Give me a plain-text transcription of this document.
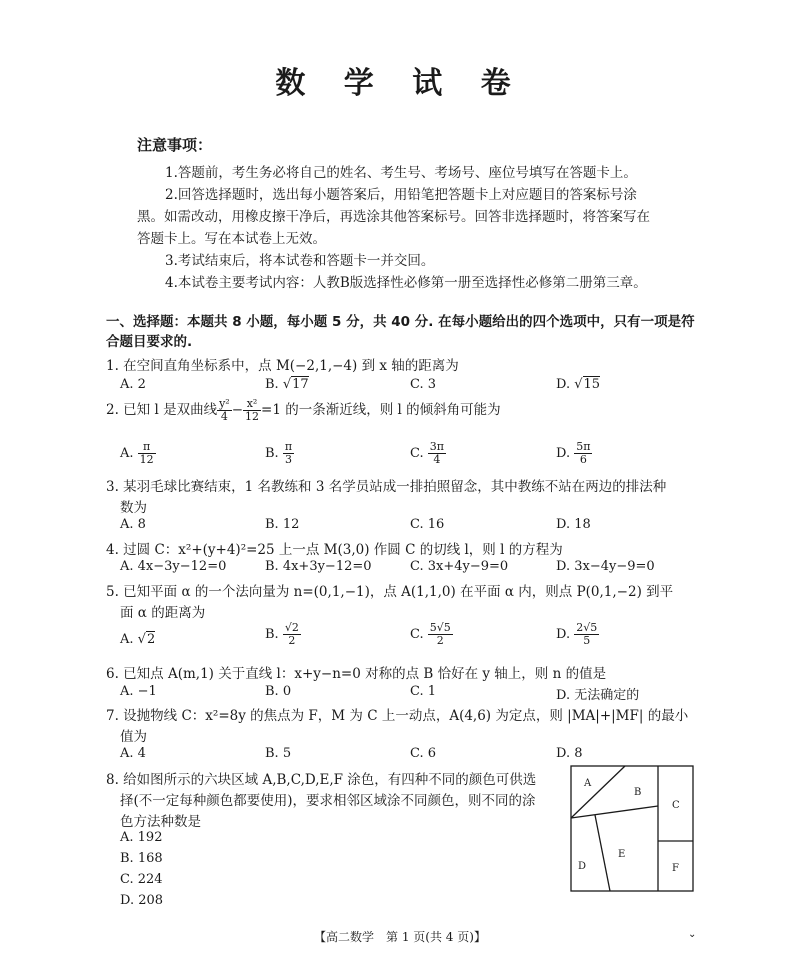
数 学 试 卷
注意事项：
1.答题前，考生务必将自己的姓名、考生号、考场号、座位号填写在答题卡上。
2.回答选择题时，选出每小题答案后，用铅笔把答题卡上对应题目的答案标号涂
黑。如需改动，用橡皮擦干净后，再选涂其他答案标号。回答非选择题时，将答案写在
答题卡上。写在本试卷上无效。
3.考试结束后，将本试卷和答题卡一并交回。
4.本试卷主要考试内容：人教B版选择性必修第一册至选择性必修第二册第三章。
一、选择题：本题共 8 小题，每小题 5 分，共 40 分. 在每小题给出的四个选项中，只有一项是符合题目要求的.
1. 在空间直角坐标系中，点 M(−2,1,−4) 到 x 轴的距离为
A. 2	B. √17	C. 3	D. √15
2. 已知 l 是双曲线 $\frac{\text{y²}}{4} - \frac{\text{x²}}{12} =1$ 的一条渐近线，则 l 的倾斜角可能为
A. $\frac{\pi}{12}$	B. $\frac{\pi}{3}$	C. $\frac{3\pi}{4}$	D. $\frac{5\pi}{6}$
3. 某羽毛球比赛结束，1 名教练和 3 名学员站成一排拍照留念，其中教练不站在两边的排法种
数为
A. 8	B. 12	C. 16	D. 18
4. 过圆 C：x²+(y+4)²=25 上一点 M(3,0) 作圆 C 的切线 l，则 l 的方程为
A. 4x−3y−12=0	B. 4x+3y−12=0	C. 3x+4y−9=0	D. 3x−4y−9=0
5. 已知平面 α 的一个法向量为 n=(0,1,−1)，点 A(1,1,0) 在平面 α 内，则点 P(0,1,−2) 到平
面 α 的距离为
A. √2	B. $\frac{√2}{2}$	C. $\frac{5√5}{2}$	D. $\frac{2√5}{5}$
6. 已知点 A(m,1) 关于直线 l：x+y−n=0 对称的点 B 恰好在 y 轴上，则 n 的值是
A. −1	B. 0	C. 1	D. 无法确定的
7. 设抛物线 C：x²=8y 的焦点为 F，M 为 C 上一动点，A(4,6) 为定点，则 |MA|+|MF| 的最小
值为
A. 4	B. 5	C. 6	D. 8
8. 给如图所示的六块区域 A,B,C,D,E,F 涂色，有四种不同的颜色可供选
择(不一定每种颜色都要使用)，要求相邻区域涂不同颜色，则不同的涂
色方法种数是
A. 192
B. 168
C. 224
D. 208
A
B
C
D
E
F
【高二数学　第 1 页(共 4 页)】	⌄
